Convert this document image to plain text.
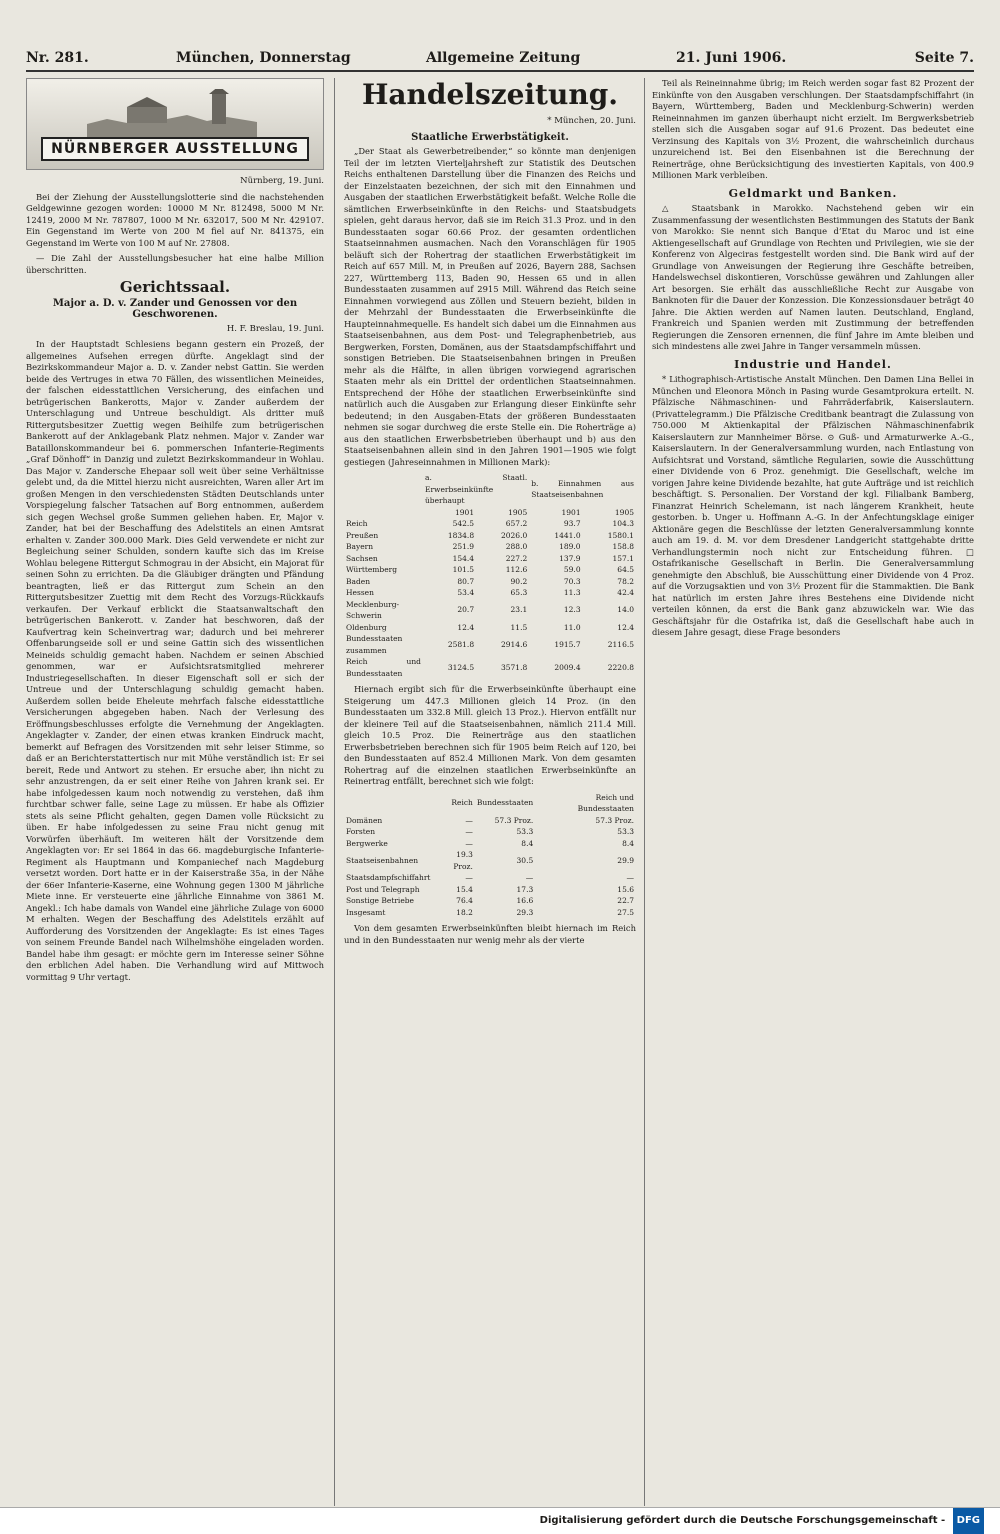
Nr. 281.	München, Donnerstag	Allgemeine Zeitung	21. Juni 1906.	Seite 7.
NÜRNBERGER AUSSTELLUNG
Nürnberg, 19. Juni.

Bei der Ziehung der Ausstellungslotterie sind die nachstehenden Geldgewinne gezogen worden: 10000 M Nr. 812498, 5000 M Nr. 12419, 2000 M Nr. 787807, 1000 M Nr. 632017, 500 M Nr. 429107. Ein Gegenstand im Werte von 200 M fiel auf Nr. 841375, ein Gegenstand im Werte von 100 M auf Nr. 27808.

— Die Zahl der Ausstellungsbesucher hat eine halbe Million überschritten.

Gerichtssaal.
Major a. D. v. Zander und Genossen vor den Geschworenen.
H. F. Breslau, 19. Juni.

In der Hauptstadt Schlesiens begann gestern ein Prozeß, der allgemeines Aufsehen erregen dürfte. Angeklagt sind der Bezirkskommandeur Major a. D. v. Zander nebst Gattin. Sie werden beide des Vertruges in etwa 70 Fällen, des wissentlichen Meineides, der falschen eidesstattlichen Versicherung, des einfachen und betrügerischen Bankerotts, Major v. Zander außerdem der Unterschlagung und Untreue beschuldigt. Als dritter muß Rittergutsbesitzer Zuettig wegen Beihilfe zum betrügerischen Bankerott auf der Anklagebank Platz nehmen. Major v. Zander war Bataillonskommandeur bei 6. pommerschen Infanterie-Regiments „Graf Dönhoff“ in Danzig und zuletzt Bezirkskommandeur in Wohlau. Das Major v. Zandersche Ehepaar soll weit über seine Verhältnisse gelebt und, da die Mittel hierzu nicht ausreichten, Waren aller Art im großen Mengen in den verschiedensten Städten Deutschlands unter Vorspiegelung falscher Tatsachen auf Borg entnommen, außerdem sich gegen Wechsel große Summen geliehen haben. Er, Major v. Zander, hat bei der Beschaffung des Adelstitels an einen Amtsrat erhalten v. Zander 300.000 Mark. Dies Geld verwendete er nicht zur Begleichung seiner Schulden, sondern kaufte sich das im Kreise Wohlau belegene Rittergut Schmograu in der Absicht, ein Majorat für seinen Sohn zu errichten. Da die Gläubiger drängten und Pfändung beantragten, ließ er das Rittergut zum Schein an den Rittergutsbesitzer Zuettig mit dem Recht des Vorzugs-Rückkaufs verkaufen. Der Verkauf erblickt die Staatsanwaltschaft den betrügerischen Bankerott. v. Zander hat beschworen, daß der Kaufvertrag kein Scheinvertrag war; dadurch und bei mehrerer Offenbarungseide soll er und seine Gattin sich des wissentlichen Meineids schuldig gemacht haben. Nachdem er seinen Abschied genommen, war er Aufsichtsratsmitglied mehrerer Industriegesellschaften. In dieser Eigenschaft soll er sich der Untreue und der Unterschlagung schuldig gemacht haben. Außerdem sollen beide Eheleute mehrfach falsche eidesstattliche Versicherungen abgegeben haben. Nach der Verlesung des Eröffnungsbeschlusses erfolgte die Vernehmung der Angeklagten. Angeklagter v. Zander, der einen etwas kranken Eindruck macht, bemerkt auf Befragen des Vorsitzenden mit sehr leiser Stimme, so daß er an Berichterstattertisch nur mit Mühe verständlich ist: Er sei bereit, Rede und Antwort zu stehen. Er ersuche aber, ihn nicht zu sehr anzustrengen, da er seit einer Reihe von Jahren krank sei. Er habe infolgedessen kaum noch notwendig zu verstehen, daß ihm furchtbar schwer falle, seine Lage zu müssen. Er habe als Offizier stets als seine Pflicht gehalten, gegen Damen volle Rücksicht zu üben. Er habe infolgedessen zu seine Frau nicht genug mit Vorwürfen überhäuft. Im weiteren hält der Vorsitzende dem Angeklagten vor: Er sei 1864 in das 66. magdeburgische Infanterie-Regiment als Hauptmann und Kompaniechef nach Magdeburg versetzt worden. Dort hatte er in der Kaiserstraße 35a, in der Nähe der 66er Infanterie-Kaserne, eine Wohnung gegen 1300 M jährliche Miete inne. Er versteuerte eine jährliche Einnahme von 3861 M. Angekl.: Ich habe damals von Wandel eine jährliche Zulage von 6000 M erhalten. Wegen der Beschaffung des Adelstitels erzählt auf Aufforderung des Vorsitzenden der Angeklagte: Es ist eines Tages von seinem Freunde Bandel nach Wilhelmshöhe eingeladen worden. Bandel habe ihm gesagt: er möchte gern im Interesse seiner Söhne den erblichen Adel haben. Die Verhandlung wird auf Mittwoch vormittag 9 Uhr vertagt.

Handelszeitung.
* München, 20. Juni.
Staatliche Erwerbstätigkeit.

„Der Staat als Gewerbetreibender,“ so könnte man denjenigen Teil der im letzten Vierteljahrsheft zur Statistik des Deutschen Reichs enthaltenen Darstellung über die Finanzen des Reichs und der Einzelstaaten bezeichnen, der sich mit den Einnahmen und Ausgaben der staatlichen Erwerbstätigkeit befaßt. Welche Rolle die sämtlichen Erwerbseinkünfte in den Reichs- und Staatsbudgets spielen, geht daraus hervor, daß sie im Reich 31.3 Proz. und in den Bundesstaaten sogar 60.66 Proz. der gesamten ordentlichen Staatseinnahmen ausmachen. Nach den Voranschlägen für 1905 beläuft sich der Rohertrag der staatlichen Erwerbstätigkeit im Reich auf 657 Mill. M, in Preußen auf 2026, Bayern 288, Sachsen 227, Württemberg 113, Baden 90, Hessen 65 und in allen Bundesstaaten zusammen auf 2915 Mill. Während das Reich seine Einnahmen vorwiegend aus Zöllen und Steuern bezieht, bilden in der Mehrzahl der Bundesstaaten die Erwerbseinkünfte die Haupteinnahmequelle. Es handelt sich dabei um die Einnahmen aus Staatseisenbahnen, aus dem Post- und Telegraphenbetrieb, aus Bergwerken, Forsten, Domänen, aus der Staatsdampfschiffahrt und sonstigen Betrieben. Die Staatseisenbahnen bringen in Preußen mehr als die Hälfte, in allen übrigen vorwiegend agrarischen Staaten mehr als ein Drittel der ordentlichen Staatseinnahmen. Entsprechend der Höhe der staatlichen Erwerbseinkünfte sind natürlich auch die Ausgaben zur Erlangung dieser Einkünfte sehr bedeutend; in den Ausgaben-Etats der größeren Bundesstaaten nehmen sie sogar durchweg die erste Stelle ein. Die Roherträge a) aus den staatlichen Erwerbsbetrieben überhaupt und b) aus den Staatseisenbahnen allein sind in den Jahren 1901—1905 wie folgt gestiegen (Jahreseinnahmen in Millionen Mark):

	a. Staatl. Erwerbseinkünfte überhaupt		b. Einnahmen aus Staatseisenbahnen	
	1901	1905	1901	1905
Reich	542.5	657.2	93.7	104.3
Preußen	1834.8	2026.0	1441.0	1580.1
Bayern	251.9	288.0	189.0	158.8
Sachsen	154.4	227.2	137.9	157.1
Württemberg	101.5	112.6	59.0	64.5
Baden	80.7	90.2	70.3	78.2
Hessen	53.4	65.3	11.3	42.4
Mecklenburg-Schwerin	20.7	23.1	12.3	14.0
Oldenburg	12.4	11.5	11.0	12.4
Bundesstaaten zusammen	2581.8	2914.6	1915.7	2116.5
Reich und Bundesstaaten	3124.5	3571.8	2009.4	2220.8

Hiernach ergibt sich für die Erwerbseinkünfte überhaupt eine Steigerung um 447.3 Millionen gleich 14 Proz. (in den Bundesstaaten um 332.8 Mill. gleich 13 Proz.). Hiervon entfällt nur der kleinere Teil auf die Staatseisenbahnen, nämlich 211.4 Mill. gleich 10.5 Proz. Die Reinerträge aus den staatlichen Erwerbsbetrieben berechnen sich für 1905 beim Reich auf 120, bei den Bundesstaaten auf 852.4 Millionen Mark. Von dem gesamten Rohertrag auf die einzelnen staatlichen Erwerbseinkünfte an Reinertrag entfällt, berechnet sich wie folgt:

	Reich	Bundesstaaten	Reich und Bundesstaaten
Domänen	—	57.3 Proz.	57.3 Proz.
Forsten	—	53.3	53.3
Bergwerke	—	8.4	8.4
Staatseisenbahnen	19.3 Proz.	30.5	29.9
Staatsdampfschiffahrt	—	—	—
Post und Telegraph	15.4	17.3	15.6
Sonstige Betriebe	76.4	16.6	22.7
Insgesamt	18.2	29.3	27.5

Von dem gesamten Erwerbseinkünften bleibt hiernach im Reich und in den Bundesstaaten nur wenig mehr als der vierte

Teil als Reineinnahme übrig; im Reich werden sogar fast 82 Prozent der Einkünfte von den Ausgaben verschlungen. Der Staatsdampfschiffahrt (in Bayern, Württemberg, Baden und Mecklenburg-Schwerin) werden Reineinnahmen im ganzen überhaupt nicht erzielt. Im Bergwerksbetrieb stellen sich die Ausgaben sogar auf 91.6 Prozent. Das bedeutet eine Verzinsung des Kapitals von 3½ Prozent, die wahrscheinlich durchaus unzureichend ist. Bei den Eisenbahnen ist die Berechnung der Reinerträge, ohne Berücksichtigung des investierten Kapitals, von 400.9 Millionen Mark verbleiben.

Geldmarkt und Banken.

△ Staatsbank in Marokko. Nachstehend geben wir ein Zusammenfassung der wesentlichsten Bestimmungen des Statuts der Bank von Marokko: Sie nennt sich Banque d’Etat du Maroc und ist eine Aktiengesellschaft auf Grundlage von Rechten und Privilegien, wie sie der Konferenz von Algeciras festgestellt worden sind. Die Bank wird auf der Grundlage von Anweisungen der Regierung ihre Geschäfte betreiben, Handelswechsel diskontieren, Vorschüsse gewähren und Zahlungen aller Art besorgen. Sie erhält das ausschließliche Recht zur Ausgabe von Banknoten für die Dauer der Konzession. Die Konzessionsdauer beträgt 40 Jahre. Die Aktien werden auf Namen lauten. Deutschland, England, Frankreich und Spanien werden mit Zustimmung der betreffenden Regierungen die Zensoren ernennen, die fünf Jahre im Amte bleiben und sich mindestens alle zwei Jahre in Tanger versammeln müssen.

Industrie und Handel.

* Lithographisch-Artistische Anstalt München. Den Damen Lina Bellei in München und Eleonora Mönch in Pasing wurde Gesamtprokura erteilt. N. Pfälzische Nähmaschinen- und Fahrräderfabrik, Kaiserslautern. (Privattelegramm.) Die Pfälzische Creditbank beantragt die Zulassung von 750.000 M Aktienkapital der Pfälzischen Nähmaschinenfabrik Kaiserslautern zur Mannheimer Börse. ⊙ Guß- und Armaturwerke A.-G., Kaiserslautern. In der Generalversammlung wurden, nach Entlastung von Aufsichtsrat und Vorstand, sämtliche Regularien, sowie die Ausschüttung einer Dividende von 6 Proz. genehmigt. Die Gesellschaft, welche im vorigen Jahre keine Dividende bezahlte, hat gute Aufträge und ist reichlich beschäftigt. S. Personalien. Der Vorstand der kgl. Filialbank Bamberg, Finanzrat Heinrich Schelemann, ist nach längerem Krankheit, heute gestorben. b. Unger u. Hoffmann A.-G. In der Anfechtungsklage einiger Aktionäre gegen die Beschlüsse der letzten Generalversammlung konnte auch am 19. d. M. vor dem Dresdener Landgericht stattgehabte dritte Verhandlungstermin noch nicht zur Entscheidung führen. □ Ostafrikanische Gesellschaft in Berlin. Die Generalversammlung genehmigte den Abschluß, bie Ausschüttung einer Dividende von 4 Proz. auf die Vorzugsaktien und von 3½ Prozent für die Stammaktien. Die Bank hat natürlich im ersten Jahre ihres Bestehens eine Dividende nicht verteilen können, da erst die Bank ganz abzuwickeln war. Wie das Geschäftsjahr für die Ostafrika ist, daß die Gesellschaft habe auch in diesem Jahre gesagt, diese Frage besonders

Digitalisierung gefördert durch die Deutsche Forschungsgemeinschaft - DFG
